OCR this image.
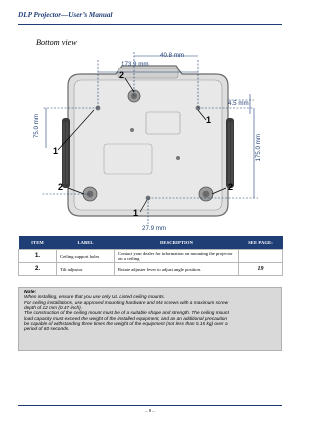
DLP Projector—User’s Manual
Bottom view
173.9 mm
40.8 mm
4.5 mm
75.0 mm
175.0 mm
27.9 mm
2
1
1
2	2
1
ITEM	LABEL	DESCRIPTION	SEE PAGE:
1.	Ceiling support holes	Contact your dealer for information on mounting the projector on a ceiling	
2.	Tilt adjustor	Rotate adjuster lever to adjust angle position.	19
Note:
When installing, ensure that you use only UL Listed ceiling mounts.
For ceiling installations, use approved mounting hardware and M4 screws with a maximum screw
depth of 12 mm (0.47 inch).
The construction of the ceiling mount must be of a suitable shape and strength. The ceiling mount
load capacity must exceed the weight of the installed equipment, and as an additional precaution
be capable of withstanding three times the weight of the equipment (not less than 5.15 kg) over a
period of 60 seconds.
– 8 –
